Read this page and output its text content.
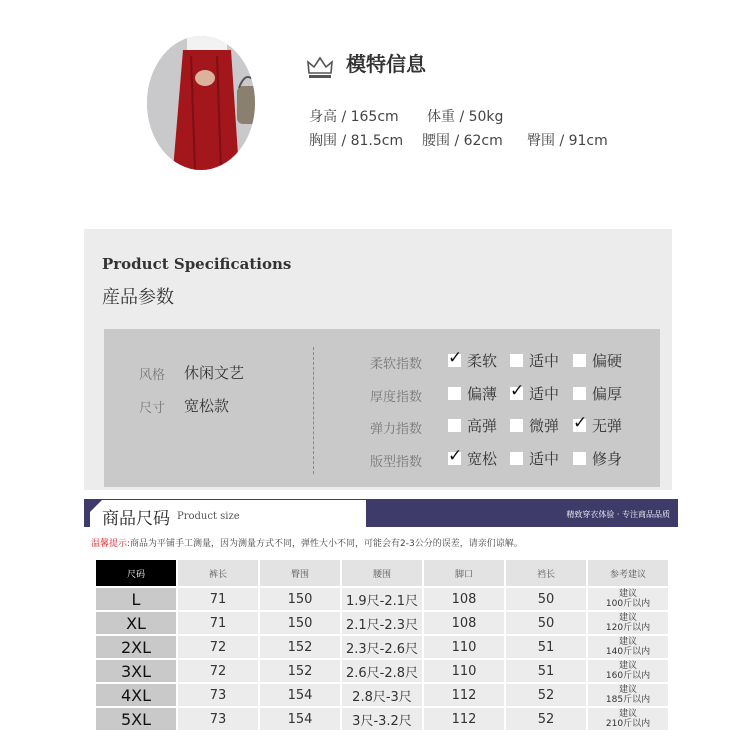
模特信息
身高 / 165cm 体重 / 50kg
胸围 / 81.5cm 腰围 / 62cm 臀围 / 91cm
Product Specifications
産品参数
风格 休闲文艺
尺寸 宽松款
柔软指数 ✓	柔软 适中 偏硬
厚度指数	偏薄 ✓ 适中 偏厚
弹力指数	高弹 微弹 ✓ 无弹
版型指数 ✓	宽松 适中 修身
商品尺码 Product size	精致穿衣体验 · 专注商品品质
温馨提示:商品为平铺手工测量，因为测量方式不同，弹性大小不同，可能会有2-3公分的误差，请亲们谅解。
尺码	裤长	臀围	腰围	脚口	裆长	参考建议
L	71	150	1.9尺-2.1尺	108	50	建议
100斤以内
XL	71	150	2.1尺-2.3尺	108	50	建议
120斤以内
2XL	72	152	2.3尺-2.6尺	110	51	建议
140斤以内
3XL	72	152	2.6尺-2.8尺	110	51	建议
160斤以内
4XL	73	154	2.8尺-3尺	112	52	建议
185斤以内
5XL	73	154	3尺-3.2尺	112	52	建议
210斤以内
